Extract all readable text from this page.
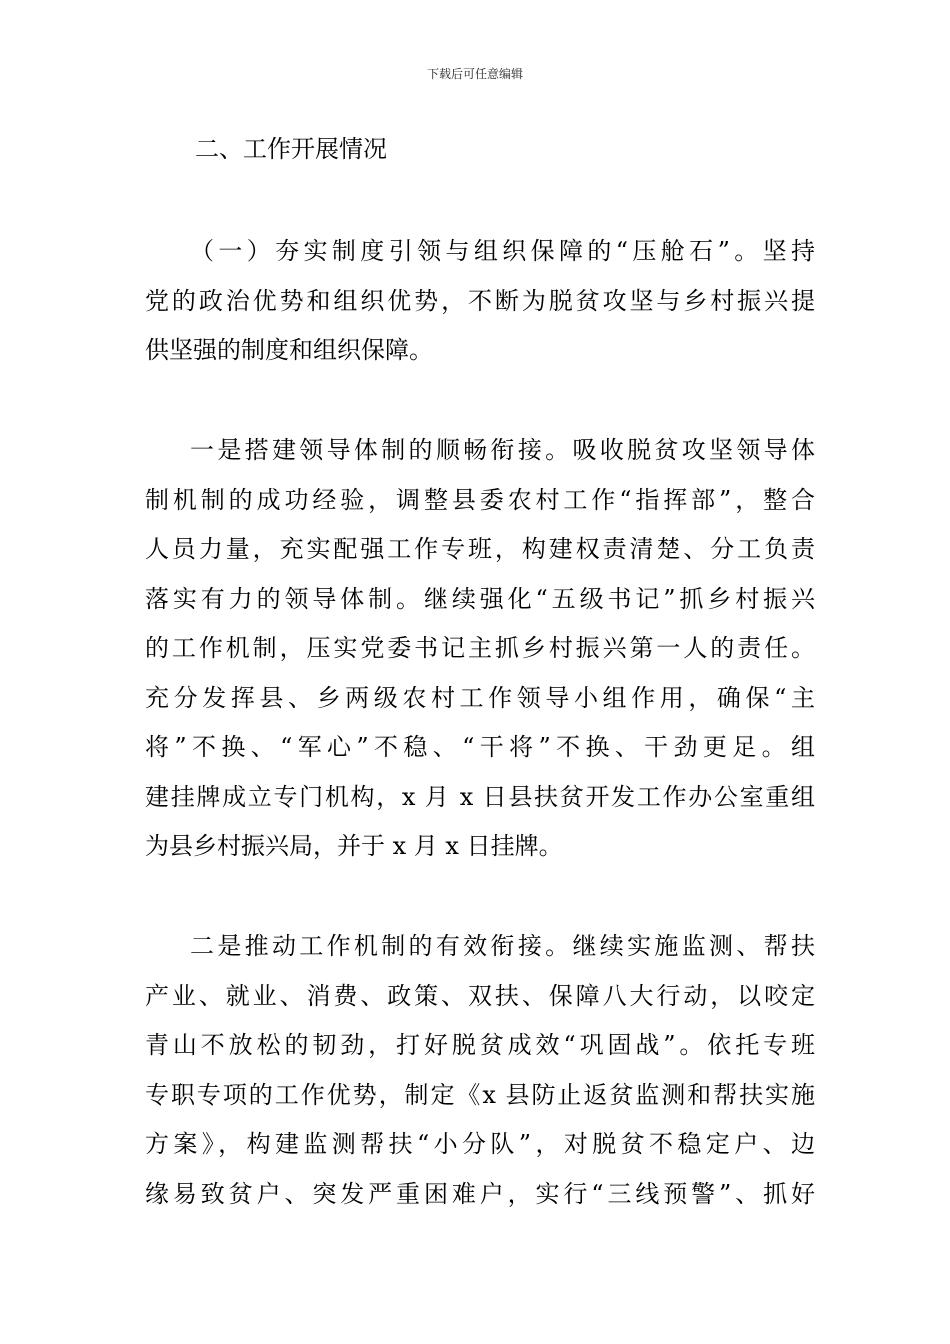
下载后可任意编辑
二、工作开展情况
（一）夯实制度引领与组织保障的“压舱石”。坚持
党的政治优势和组织优势，不断为脱贫攻坚与乡村振兴提
供坚强的制度和组织保障。
一是搭建领导体制的顺畅衔接。吸收脱贫攻坚领导体
制机制的成功经验，调整县委农村工作“指挥部”，整合
人员力量，充实配强工作专班，构建权责清楚、分工负责
落实有力的领导体制。继续强化“五级书记”抓乡村振兴
的工作机制，压实党委书记主抓乡村振兴第一人的责任。
充分发挥县、乡两级农村工作领导小组作用，确保“主
将”不换、“军心”不稳、“干将”不换、干劲更足。组
建挂牌成立专门机构，x 月 x 日县扶贫开发工作办公室重组
为县乡村振兴局，并于 x 月 x 日挂牌。
二是推动工作机制的有效衔接。继续实施监测、帮扶
产业、就业、消费、政策、双扶、保障八大行动，以咬定
青山不放松的韧劲，打好脱贫成效“巩固战”。依托专班
专职专项的工作优势，制定《x 县防止返贫监测和帮扶实施
方案》，构建监测帮扶“小分队”，对脱贫不稳定户、边
缘易致贫户、突发严重困难户，实行“三线预警”、抓好
